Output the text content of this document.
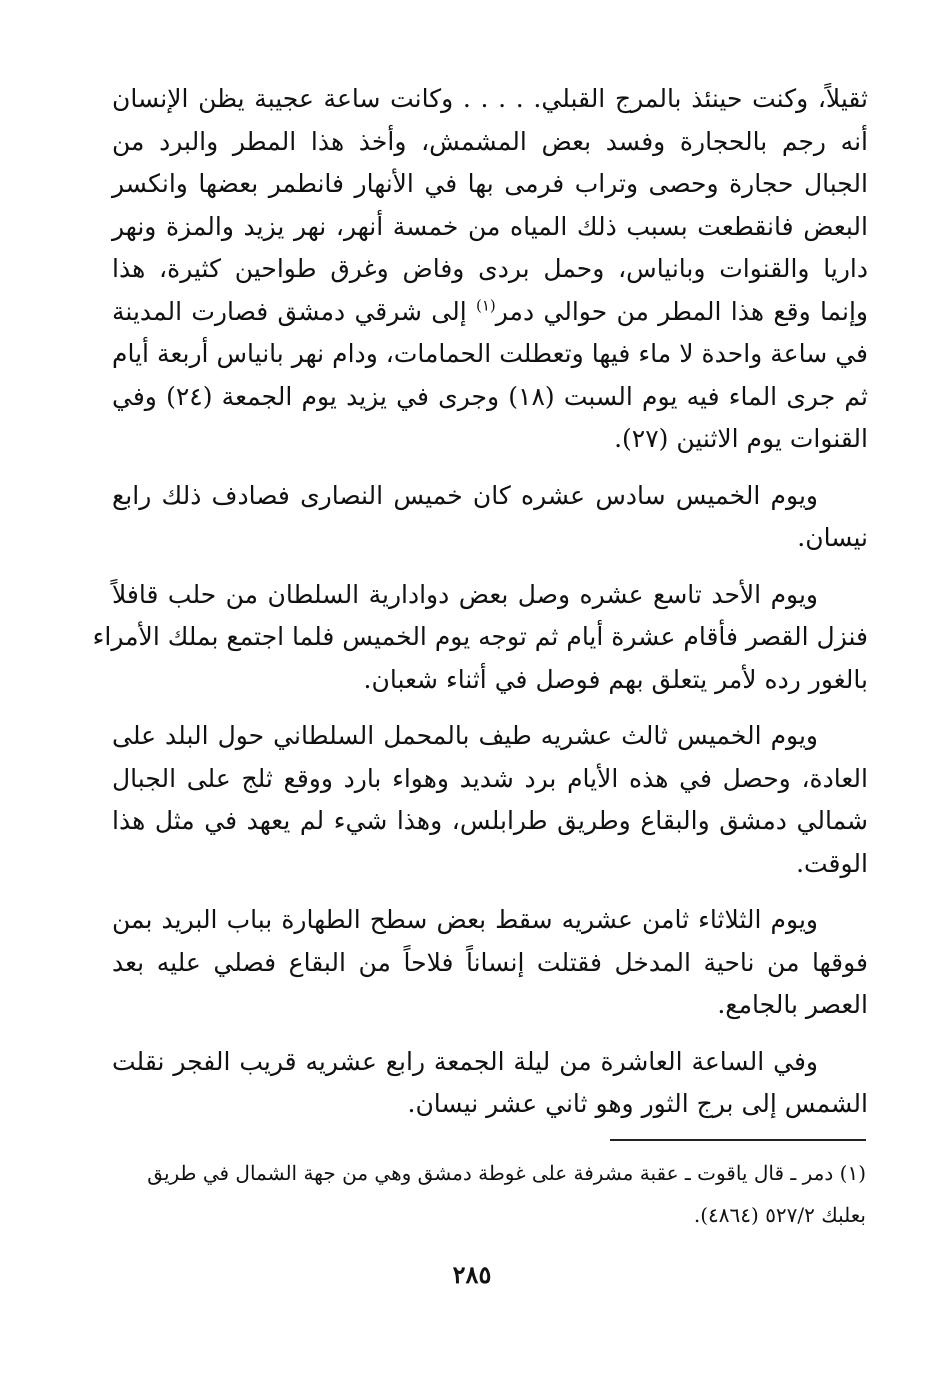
ثقيلاً، وكنت حينئذ بالمرج القبلي. . . . . وكانت ساعة عجيبة يظن الإنسان
أنه رجم بالحجارة وفسد بعض المشمش، وأخذ هذا المطر والبرد من
الجبال حجارة وحصى وتراب فرمى بها في الأنهار فانطمر بعضها وانكسر
البعض فانقطعت بسبب ذلك المياه من خمسة أنهر، نهر يزيد والمزة ونهر
داريا والقنوات وبانياس، وحمل بردى وفاض وغرق طواحين كثيرة، هذا
وإنما وقع هذا المطر من حوالي دمر$^{(١)}$ إلى شرقي دمشق فصارت المدينة
في ساعة واحدة لا ماء فيها وتعطلت الحمامات، ودام نهر بانياس أربعة أيام
ثم جرى الماء فيه يوم السبت (١٨) وجرى في يزيد يوم الجمعة (٢٤) وفي
القنوات يوم الاثنين (٢٧).

ويوم الخميس سادس عشره كان خميس النصارى فصادف ذلك رابع
نيسان.

ويوم الأحد تاسع عشره وصل بعض دوادارية السلطان من حلب قافلاً
فنزل القصر فأقام عشرة أيام ثم توجه يوم الخميس فلما اجتمع بملك الأمراء
بالغور رده لأمر يتعلق بهم فوصل في أثناء شعبان.

ويوم الخميس ثالث عشريه طيف بالمحمل السلطاني حول البلد على
العادة، وحصل في هذه الأيام برد شديد وهواء بارد ووقع ثلج على الجبال
شمالي دمشق والبقاع وطريق طرابلس، وهذا شيء لم يعهد في مثل هذا
الوقت.

ويوم الثلاثاء ثامن عشريه سقط بعض سطح الطهارة بباب البريد بمن
فوقها من ناحية المدخل فقتلت إنساناً فلاحاً من البقاع فصلي عليه بعد
العصر بالجامع.

وفي الساعة العاشرة من ليلة الجمعة رابع عشريه قريب الفجر نقلت
الشمس إلى برج الثور وهو ثاني عشر نيسان.

(١) دمر ـ قال ياقوت ـ عقبة مشرفة على غوطة دمشق وهي من جهة الشمال في طريق
بعلبك ٥٢٧/٢ (٤٨٦٤).
٢٨٥
